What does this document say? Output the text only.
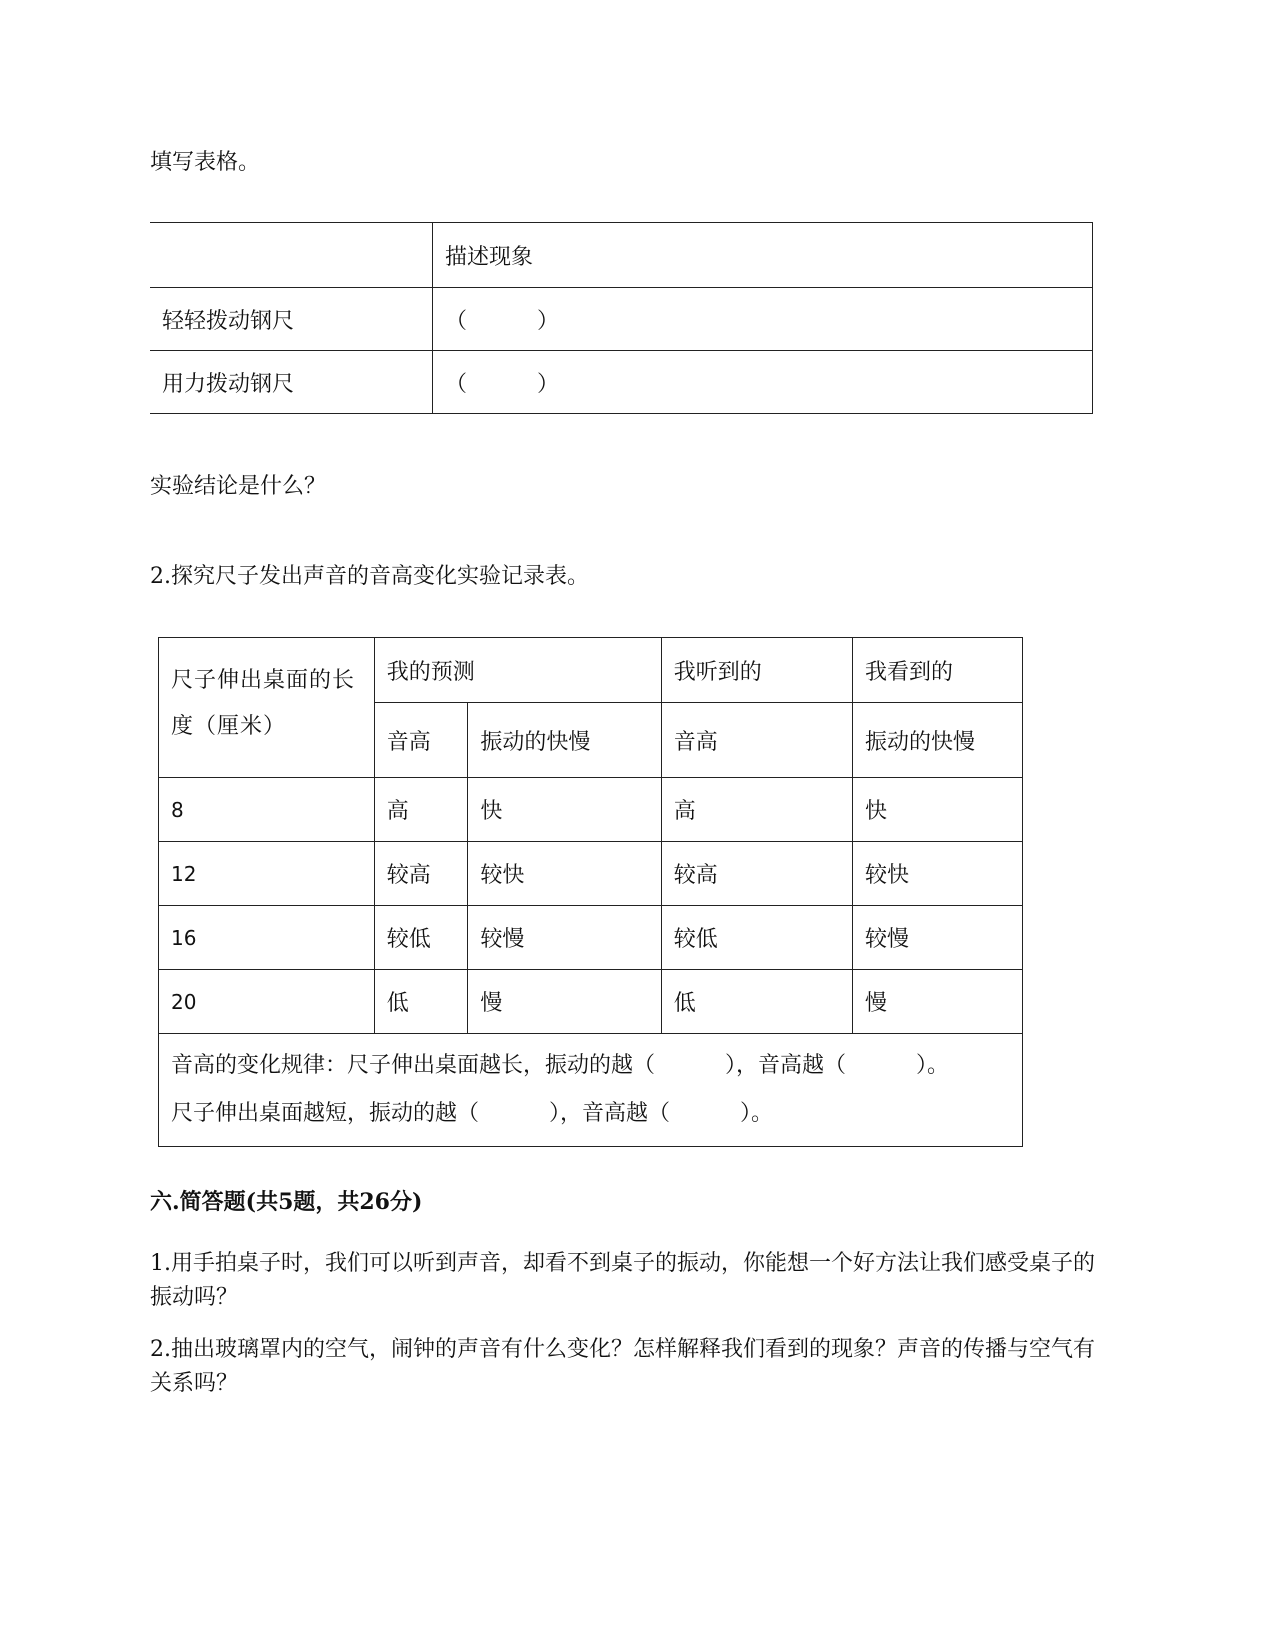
填写表格。

	描述现象
轻轻拨动钢尺	（ ）
用力拨动钢尺	（ ）

实验结论是什么？

2.探究尺子发出声音的音高变化实验记录表。

尺子伸出桌面的长度（厘米）	我的预测		我听到的	我看到的
	音高	振动的快慢	音高	振动的快慢
8	高	快	高	快
12	较高	较快	较高	较快
16	较低	较慢	较低	较慢
20	低	慢	低	慢

音高的变化规律：尺子伸出桌面越长，振动的越（ ），音高越（ ）。
尺子伸出桌面越短，振动的越（ ），音高越（ ）。				

六.简答题(共5题，共26分)

1.用手拍桌子时，我们可以听到声音，却看不到桌子的振动，你能想一个好方法让我们感受桌子的振动吗？

2.抽出玻璃罩内的空气，闹钟的声音有什么变化？怎样解释我们看到的现象？声音的传播与空气有关系吗？
